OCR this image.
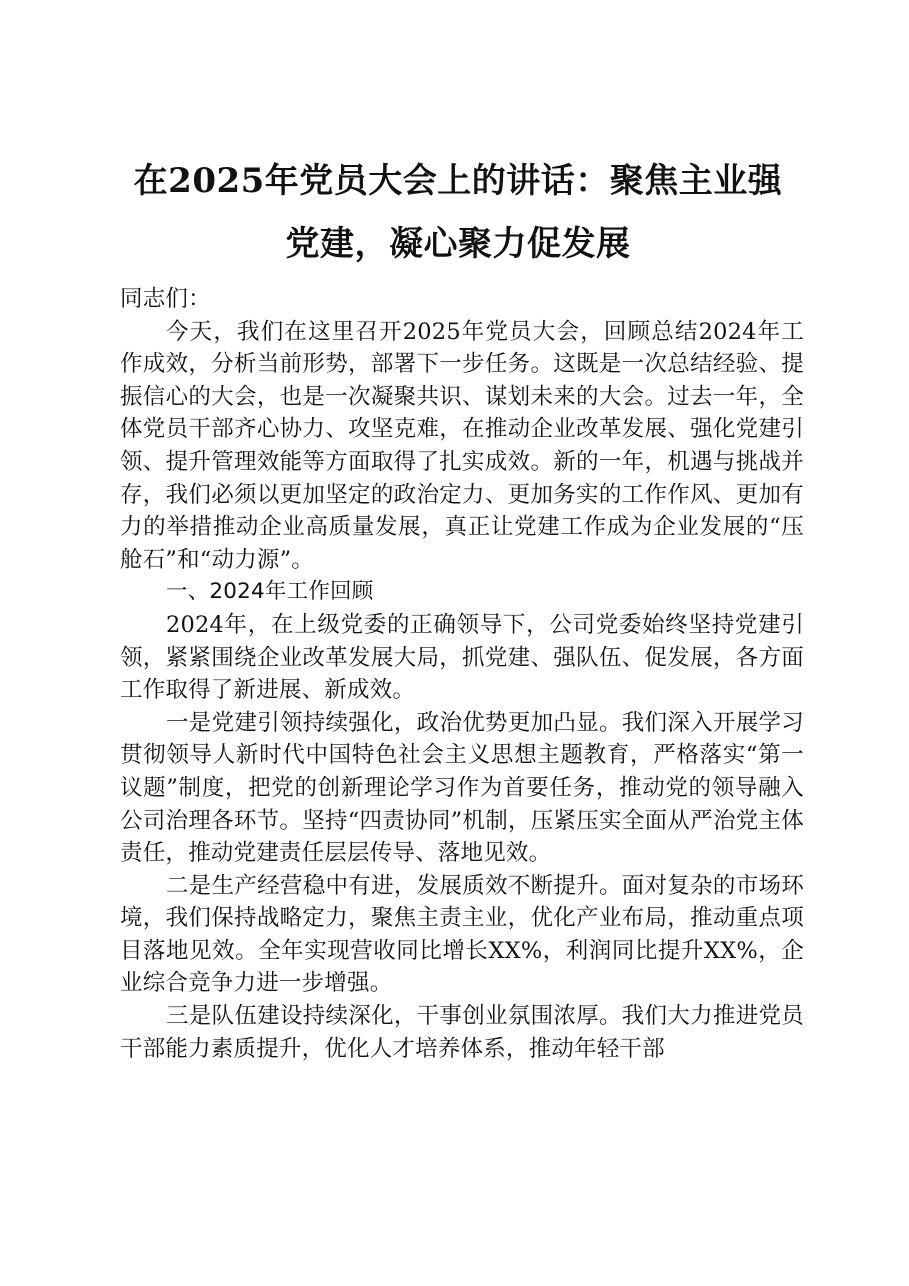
在2025年党员大会上的讲话：聚焦主业强党建，凝心聚力促发展

同志们：

今天，我们在这里召开2025年党员大会，回顾总结2024年工作成效，分析当前形势，部署下一步任务。这既是一次总结经验、提振信心的大会，也是一次凝聚共识、谋划未来的大会。过去一年，全体党员干部齐心协力、攻坚克难，在推动企业改革发展、强化党建引领、提升管理效能等方面取得了扎实成效。新的一年，机遇与挑战并存，我们必须以更加坚定的政治定力、更加务实的工作作风、更加有力的举措推动企业高质量发展，真正让党建工作成为企业发展的“压舱石”和“动力源”。

一、2024年工作回顾

2024年，在上级党委的正确领导下，公司党委始终坚持党建引领，紧紧围绕企业改革发展大局，抓党建、强队伍、促发展，各方面工作取得了新进展、新成效。

一是党建引领持续强化，政治优势更加凸显。我们深入开展学习贯彻领导人新时代中国特色社会主义思想主题教育，严格落实“第一议题”制度，把党的创新理论学习作为首要任务，推动党的领导融入公司治理各环节。坚持“四责协同”机制，压紧压实全面从严治党主体责任，推动党建责任层层传导、落地见效。

二是生产经营稳中有进，发展质效不断提升。面对复杂的市场环境，我们保持战略定力，聚焦主责主业，优化产业布局，推动重点项目落地见效。全年实现营收同比增长XX%，利润同比提升XX%，企业综合竞争力进一步增强。

三是队伍建设持续深化，干事创业氛围浓厚。我们大力推进党员干部能力素质提升，优化人才培养体系，推动年轻干部
